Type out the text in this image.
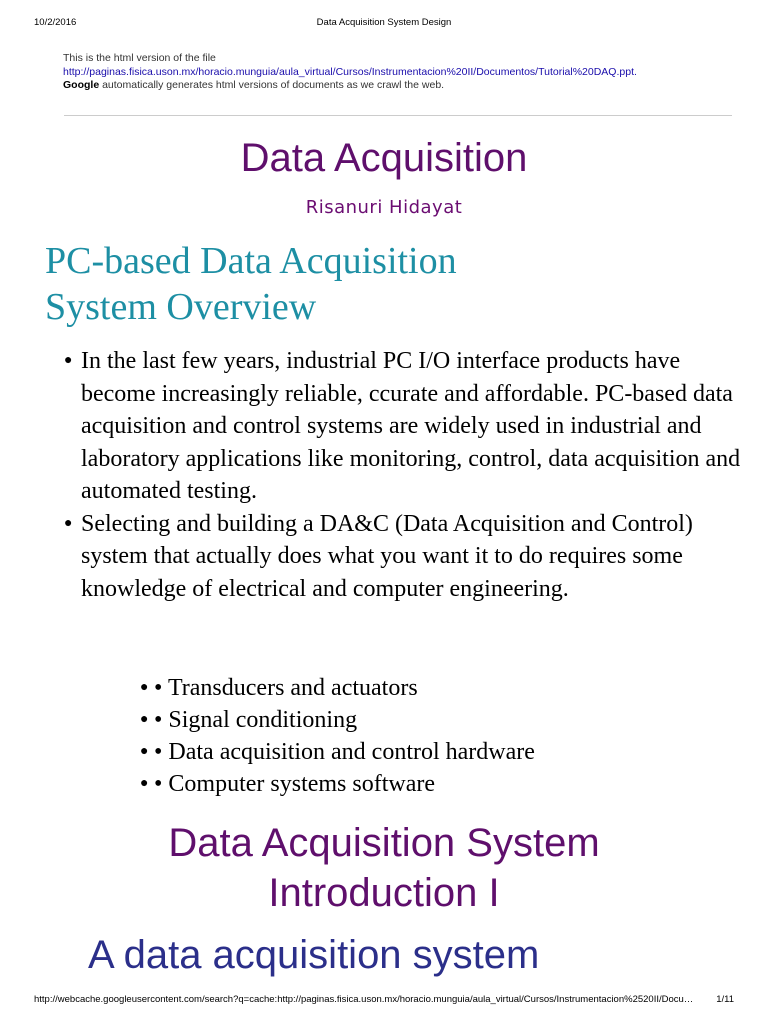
10/2/2016	Data Acquisition System Design
This is the html version of the file
http://paginas.fisica.uson.mx/horacio.munguia/aula_virtual/Cursos/Instrumentacion%20II/Documentos/Tutorial%20DAQ.ppt.
Google automatically generates html versions of documents as we crawl the web.
Data Acquisition
Risanuri Hidayat
PC-based Data Acquisition
System Overview
● In the last few years, industrial PC I/O interface products have become increasingly reliable, ccurate and affordable. PC-based data acquisition and control systems are widely used in industrial and laboratory applications like monitoring, control, data acquisition and automated testing.
● Selecting and building a DA&C (Data Acquisition and Control) system that actually does what you want it to do requires some knowledge of electrical and computer engineering.
● • Transducers and actuators
● • Signal conditioning
● • Data acquisition and control hardware
● • Computer systems software
Data Acquisition System
Introduction I
A data acquisition system
http://webcache.googleusercontent.com/search?q=cache:http://paginas.fisica.uson.mx/horacio.munguia/aula_virtual/Cursos/Instrumentacion%2520II/Docu…	1/11
